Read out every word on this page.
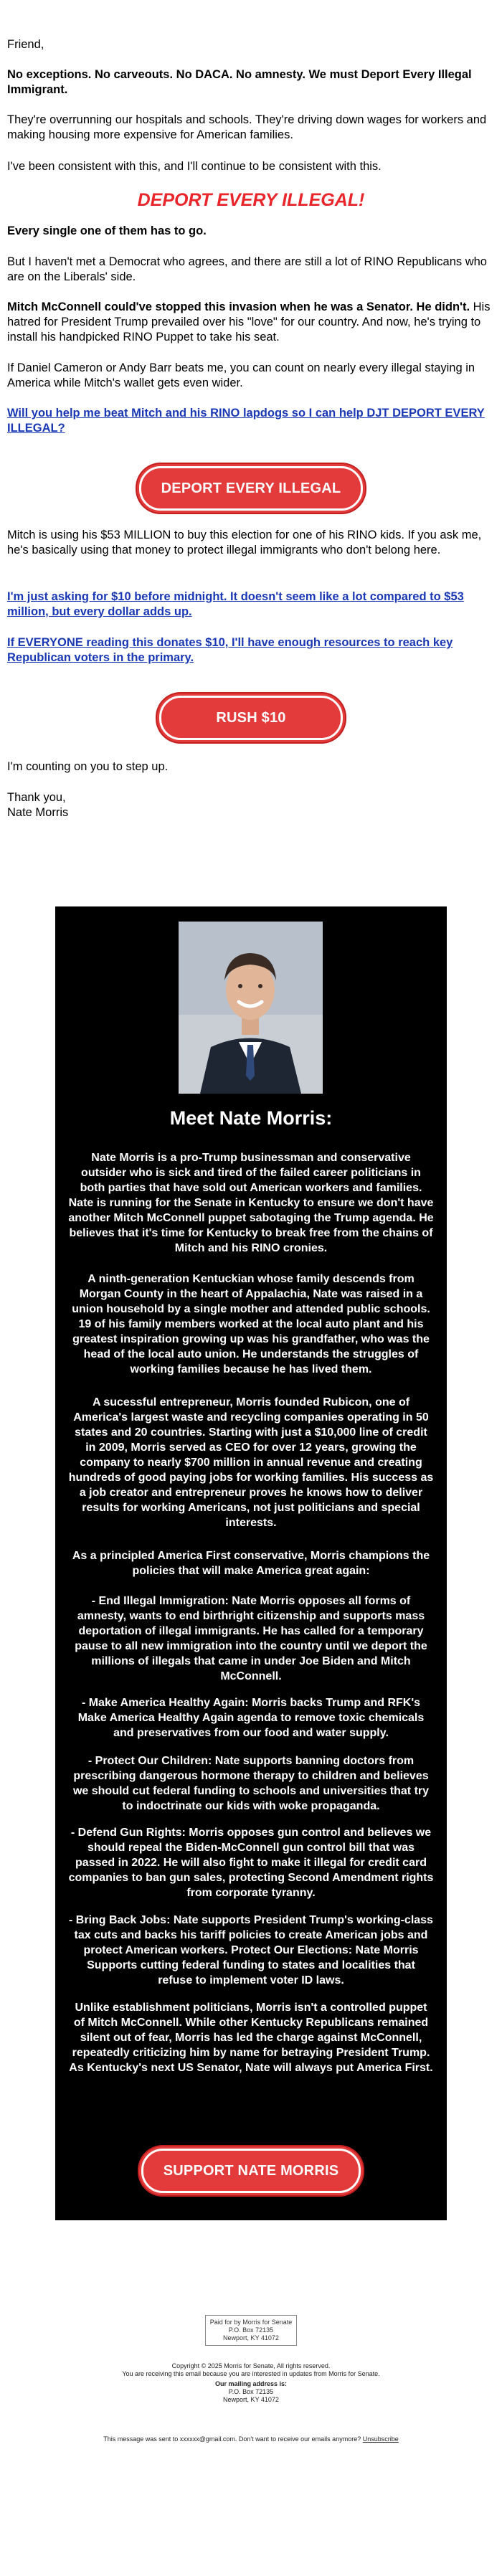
Friend,
No exceptions. No carveouts. No DACA. No amnesty. We must Deport Every Illegal Immigrant.
They're overrunning our hospitals and schools. They're driving down wages for workers and making housing more expensive for American families.
I've been consistent with this, and I'll continue to be consistent with this.
DEPORT EVERY ILLEGAL!
Every single one of them has to go.
But I haven't met a Democrat who agrees, and there are still a lot of RINO Republicans who are on the Liberals' side.
Mitch McConnell could've stopped this invasion when he was a Senator. He didn't. His hatred for President Trump prevailed over his "love" for our country. And now, he's trying to install his handpicked RINO Puppet to take his seat.
If Daniel Cameron or Andy Barr beats me, you can count on nearly every illegal staying in America while Mitch's wallet gets even wider.
Will you help me beat Mitch and his RINO lapdogs so I can help DJT DEPORT EVERY ILLEGAL?
DEPORT EVERY ILLEGAL
Mitch is using his $53 MILLION to buy this election for one of his RINO kids. If you ask me, he's basically using that money to protect illegal immigrants who don't belong here.
I'm just asking for $10 before midnight. It doesn't seem like a lot compared to $53 million, but every dollar adds up.
If EVERYONE reading this donates $10, I'll have enough resources to reach key Republican voters in the primary.
RUSH $10
I'm counting on you to step up.
Thank you,
Nate Morris
Meet Nate Morris:
Nate Morris is a pro-Trump businessman and conservative outsider who is sick and tired of the failed career politicians in both parties that have sold out American workers and families. Nate is running for the Senate in Kentucky to ensure we don't have another Mitch McConnell puppet sabotaging the Trump agenda. He believes that it's time for Kentucky to break free from the chains of Mitch and his RINO cronies.
A ninth-generation Kentuckian whose family descends from Morgan County in the heart of Appalachia, Nate was raised in a union household by a single mother and attended public schools. 19 of his family members worked at the local auto plant and his greatest inspiration growing up was his grandfather, who was the head of the local auto union. He understands the struggles of working families because he has lived them.
A sucessful entrepreneur, Morris founded Rubicon, one of America's largest waste and recycling companies operating in 50 states and 20 countries. Starting with just a $10,000 line of credit in 2009, Morris served as CEO for over 12 years, growing the company to nearly $700 million in annual revenue and creating hundreds of good paying jobs for working families. His success as a job creator and entrepreneur proves he knows how to deliver results for working Americans, not just politicians and special interests.
As a principled America First conservative, Morris champions the policies that will make America great again:
- End Illegal Immigration: Nate Morris opposes all forms of amnesty, wants to end birthright citizenship and supports mass deportation of illegal immigrants. He has called for a temporary pause to all new immigration into the country until we deport the millions of illegals that came in under Joe Biden and Mitch McConnell.
- Make America Healthy Again: Morris backs Trump and RFK's Make America Healthy Again agenda to remove toxic chemicals and preservatives from our food and water supply.
- Protect Our Children: Nate supports banning doctors from prescribing dangerous hormone therapy to children and believes we should cut federal funding to schools and universities that try to indoctrinate our kids with woke propaganda.
- Defend Gun Rights: Morris opposes gun control and believes we should repeal the Biden-McConnell gun control bill that was passed in 2022. He will also fight to make it illegal for credit card companies to ban gun sales, protecting Second Amendment rights from corporate tyranny.
- Bring Back Jobs: Nate supports President Trump's working-class tax cuts and backs his tariff policies to create American jobs and protect American workers. Protect Our Elections: Nate Morris Supports cutting federal funding to states and localities that refuse to implement voter ID laws.
Unlike establishment politicians, Morris isn't a controlled puppet of Mitch McConnell. While other Kentucky Republicans remained silent out of fear, Morris has led the charge against McConnell, repeatedly criticizing him by name for betraying President Trump. As Kentucky's next US Senator, Nate will always put America First.
SUPPORT NATE MORRIS
Paid for by Morris for Senate
P.O. Box 72135
Newport, KY 41072
Copyright © 2025 Morris for Senate, All rights reserved.
You are receiving this email because you are interested in updates from Morris for Senate.
Our mailing address is:
P.O. Box 72135
Newport, KY 41072
This message was sent to xxxxxx@gmail.com. Don't want to receive our emails anymore? Unsubscribe
